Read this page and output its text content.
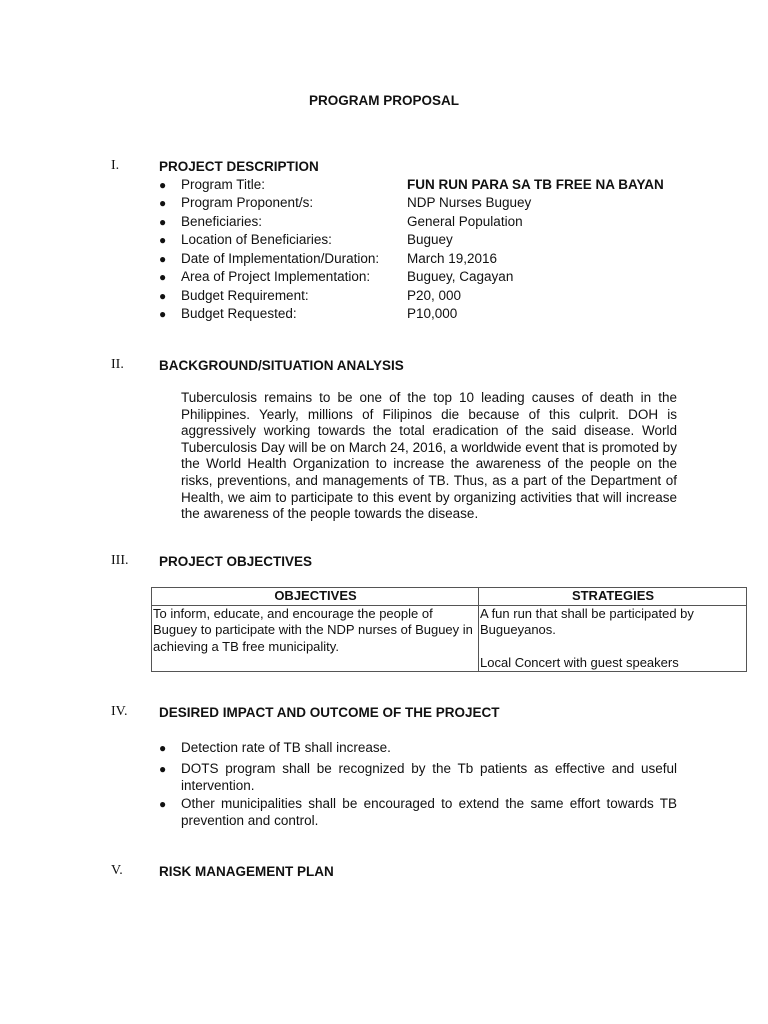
PROGRAM PROPOSAL
I.	PROJECT DESCRIPTION
● Program Title:	FUN RUN PARA SA TB FREE NA BAYAN
● Program Proponent/s:	NDP Nurses Buguey
● Beneficiaries:	General Population
● Location of Beneficiaries:	Buguey
● Date of Implementation/Duration: March 19,2016
● Area of Project Implementation:	Buguey, Cagayan
● Budget Requirement:	P20, 000
● Budget Requested:	P10,000
II.	BACKGROUND/SITUATION ANALYSIS

Tuberculosis remains to be one of the top 10 leading causes of death in the Philippines. Yearly, millions of Filipinos die because of this culprit. DOH is aggressively working towards the total eradication of the said disease. World Tuberculosis Day will be on March 24, 2016, a worldwide event that is promoted by the World Health Organization to increase the awareness of the people on the risks, preventions, and managements of TB. Thus, as a part of the Department of Health, we aim to participate to this event by organizing activities that will increase the awareness of the people towards the disease.

III. PROJECT OBJECTIVES
OBJECTIVES	STRATEGIES
To inform, educate, and encourage the people of Buguey to participate with the NDP nurses of Buguey in achieving a TB free municipality.	A fun run that shall be participated by Bugueyanos.
Local Concert with guest speakers
IV. DESIRED IMPACT AND OUTCOME OF THE PROJECT
● Detection rate of TB shall increase.
● DOTS program shall be recognized by the Tb patients as effective and useful intervention.
● Other municipalities shall be encouraged to extend the same effort towards TB prevention and control.
V.	RISK MANAGEMENT PLAN
